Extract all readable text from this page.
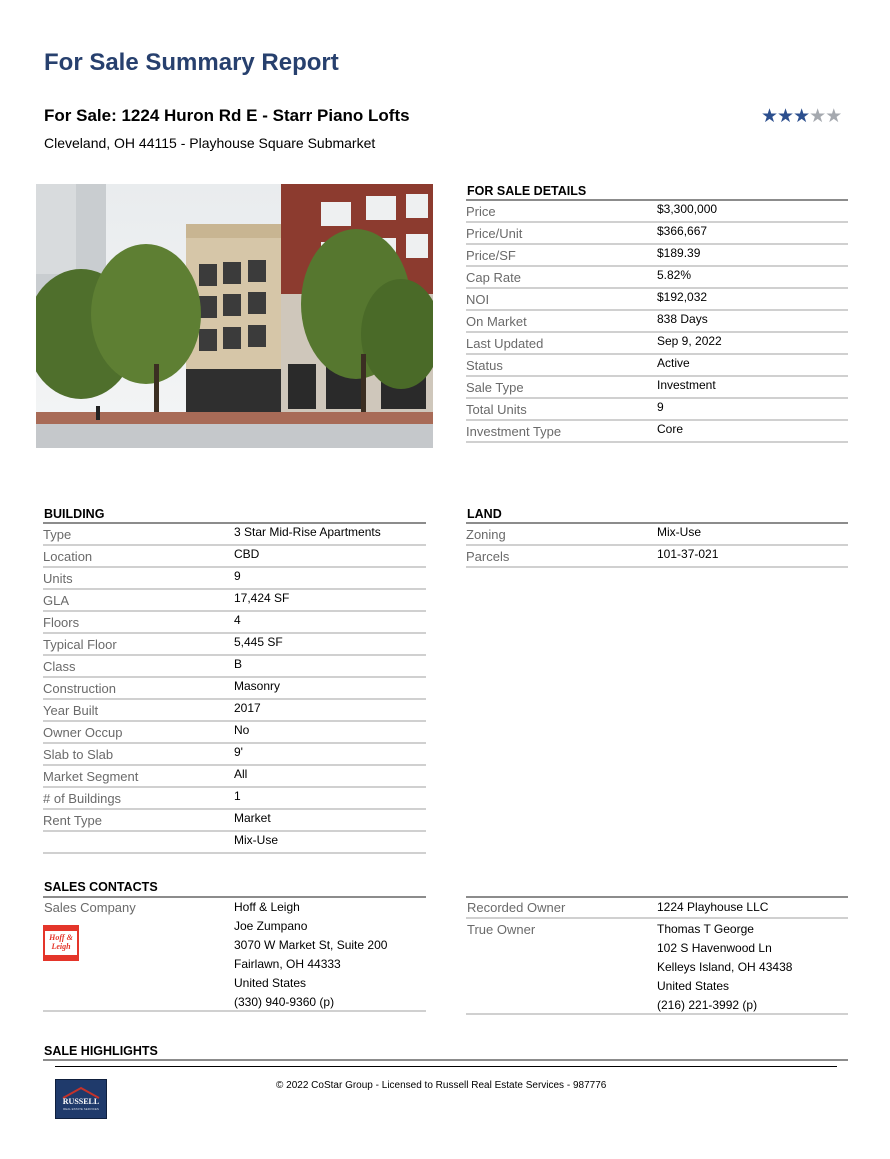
For Sale Summary Report
For Sale: 1224 Huron Rd E - Starr Piano Lofts
Cleveland, OH 44115 - Playhouse Square Submarket
★★★★★
FOR SALE DETAILS
Price	$3,300,000
Price/Unit	$366,667
Price/SF	$189.39
Cap Rate	5.82%
NOI	$192,032
On Market	838 Days
Last Updated	Sep 9, 2022
Status	Active
Sale Type	Investment
Total Units	9
Investment Type	Core
BUILDING
Type	3 Star Mid-Rise Apartments
Location	CBD
Units	9
GLA	17,424 SF
Floors	4
Typical Floor	5,445 SF
Class	B
Construction	Masonry
Year Built	2017
Owner Occup	No
Slab to Slab	9'
Market Segment	All
# of Buildings	1
Rent Type	Market
Mix-Use
LAND
Zoning	Mix-Use
Parcels	101-37-021
SALES CONTACTS
Sales Company
Hoff & Leigh
Hoff & Leigh
Joe Zumpano
3070 W Market St, Suite 200
Fairlawn, OH 44333
United States
(330) 940-9360 (p)
Recorded Owner	1224 Playhouse LLC
True Owner	Thomas T George
102 S Havenwood Ln
Kelleys Island, OH 43438
United States
(216) 221-3992 (p)
SALE HIGHLIGHTS
RUSSELL
REAL ESTATE SERVICES
© 2022 CoStar Group - Licensed to Russell Real Estate Services - 987776
